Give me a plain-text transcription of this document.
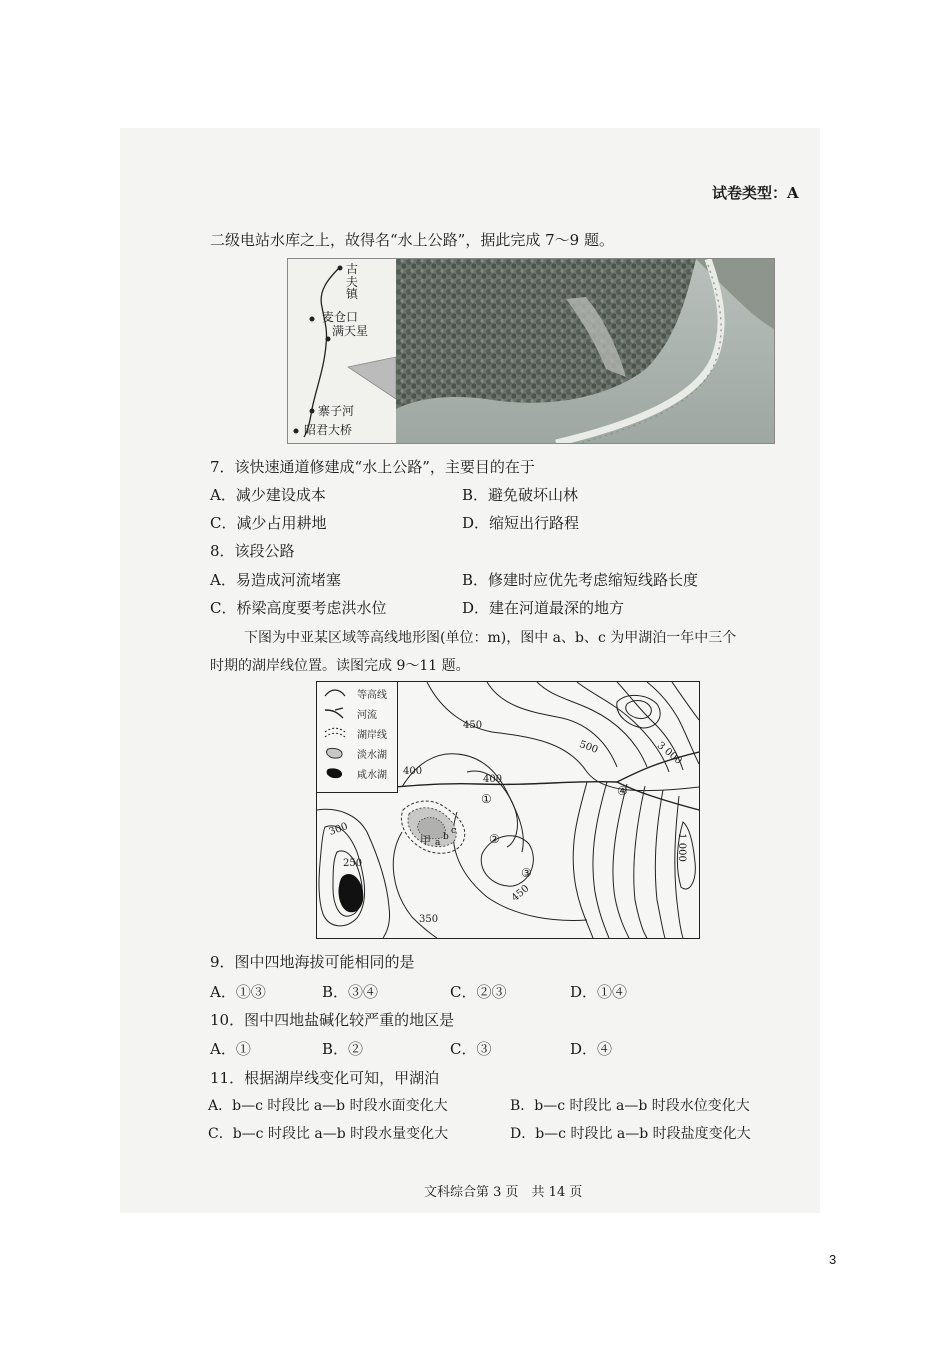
试卷类型：A
二级电站水库之上，故得名“水上公路”，据此完成 7～9 题。
古夫镇
麦仓口
满天星
寨子河
昭君大桥
7．该快速通道修建成“水上公路”，主要目的在于
A．减少建设成本	B．避免破坏山林
C．减少占用耕地	D．缩短出行路程
8．该段公路
A．易造成河流堵塞	B．修建时应优先考虑缩短线路长度
C．桥梁高度要考虑洪水位	D．建在河道最深的地方
下图为中亚某区域等高线地形图(单位：m)，图中 a、b、c 为甲湖泊一年中三个
时期的湖岸线位置。读图完成 9～11 题。
等高线
河流
湖岸线
淡水湖
咸水湖
450
500	3 000
400
400
300
250
350
450
1 000
①
②
③
④
甲 a
b
c
9．图中四地海拔可能相同的是
A．①③	B．③④	C．②③	D．①④
10．图中四地盐碱化较严重的地区是
A．①	B．②	C．③	D．④
11．根据湖岸线变化可知，甲湖泊
A．b—c 时段比 a—b 时段水面变化大	B．b—c 时段比 a—b 时段水位变化大
C．b—c 时段比 a—b 时段水量变化大	D．b—c 时段比 a—b 时段盐度变化大
文科综合第 3 页　共 14 页
3
